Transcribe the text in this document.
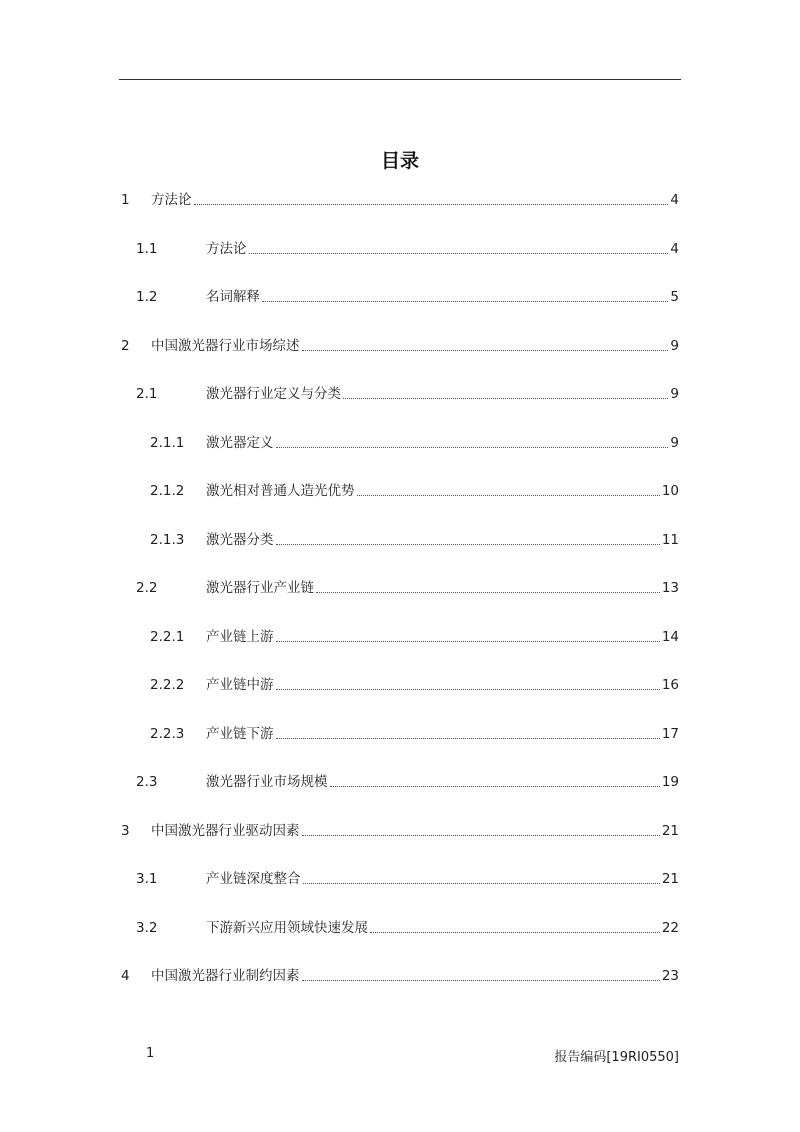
目录
1	方法论	4
1.1	方法论	4
1.2	名词解释	5
2	中国激光器行业市场综述	9
2.1	激光器行业定义与分类	9
2.1.1	激光器定义	9
2.1.2	激光相对普通人造光优势	10
2.1.3	激光器分类	11
2.2	激光器行业产业链	13
2.2.1	产业链上游	14
2.2.2	产业链中游	16
2.2.3	产业链下游	17
2.3	激光器行业市场规模	19
3	中国激光器行业驱动因素	21
3.1	产业链深度整合	21
3.2	下游新兴应用领域快速发展	22
4	中国激光器行业制约因素	23
1	报告编码[19RI0550]
